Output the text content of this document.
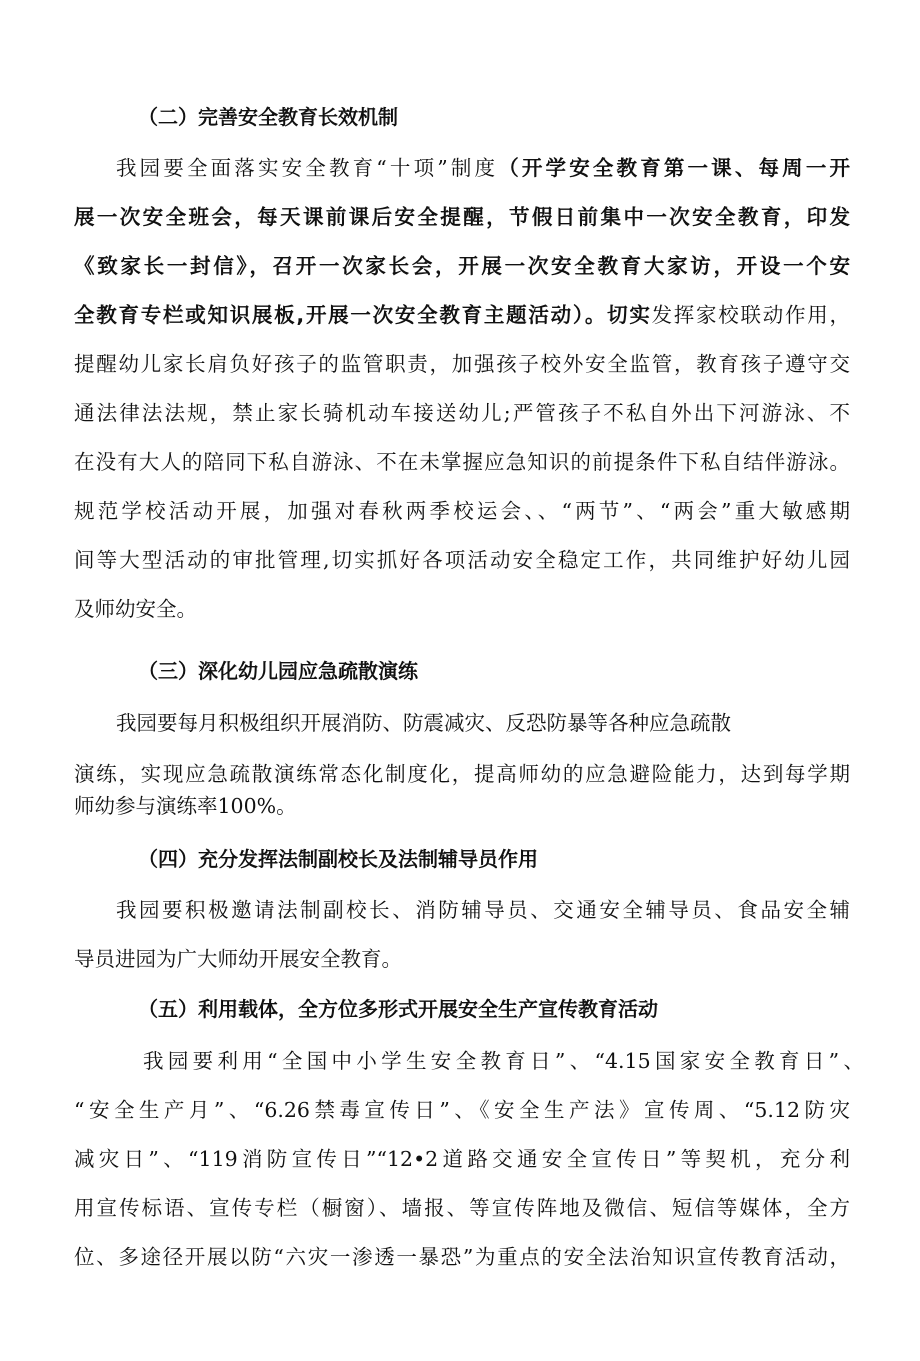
（二）完善安全教育长效机制
我园要全面落实安全教育“十项”制度（开学安全教育第一课、每周一开
展一次安全班会，每天课前课后安全提醒，节假日前集中一次安全教育，印发
《致家长一封信》，召开一次家长会，开展一次安全教育大家访，开设一个安
全教育专栏或知识展板,开展一次安全教育主题活动）。切实发挥家校联动作用，
提醒幼儿家长肩负好孩子的监管职责，加强孩子校外安全监管，教育孩子遵守交
通法律法法规，禁止家长骑机动车接送幼儿;严管孩子不私自外出下河游泳、不
在没有大人的陪同下私自游泳、不在未掌握应急知识的前提条件下私自结伴游泳。
规范学校活动开展，加强对春秋两季校运会、、“两节”、“两会”重大敏感期
间等大型活动的审批管理,切实抓好各项活动安全稳定工作，共同维护好幼儿园
及师幼安全。
（三）深化幼儿园应急疏散演练
我园要每月积极组织开展消防、防震减灾、反恐防暴等各种应急疏散
演练，实现应急疏散演练常态化制度化，提高师幼的应急避险能力，达到每学期
师幼参与演练率100%。
（四）充分发挥法制副校长及法制辅导员作用
我园要积极邀请法制副校长、消防辅导员、交通安全辅导员、食品安全辅
导员进园为广大师幼开展安全教育。
（五）利用载体，全方位多形式开展安全生产宣传教育活动
我园要利用“全国中小学生安全教育日”、“4.15国家安全教育日”、
“安全生产月”、“6.26禁毒宣传日”、《安全生产法》宣传周、“5.12防灾
减灾日”、“119消防宣传日”“12•2道路交通安全宣传日”等契机，充分利
用宣传标语、宣传专栏（橱窗）、墙报、等宣传阵地及微信、短信等媒体，全方
位、多途径开展以防“六灾一渗透一暴恐”为重点的安全法治知识宣传教育活动，
